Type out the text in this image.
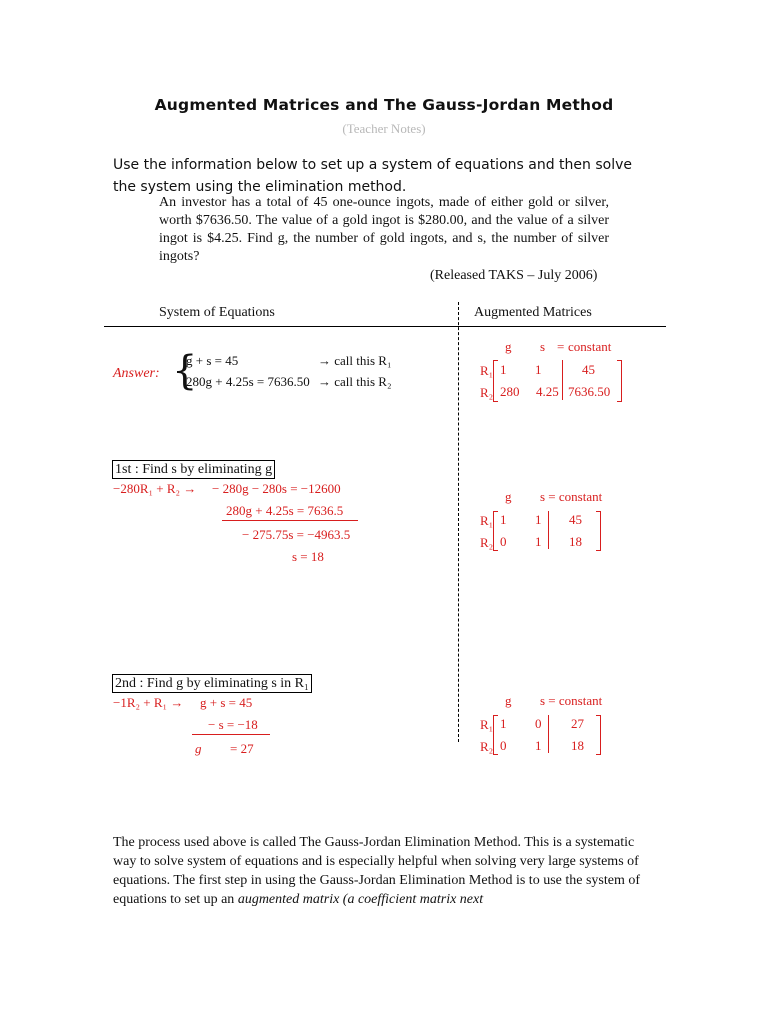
Augmented Matrices and The Gauss-Jordan Method
(Teacher Notes)
Use the information below to set up a system of equations and then solve the system using the elimination method.
An investor has a total of 45 one-ounce ingots, made of either gold or silver, worth $7636.50. The value of a gold ingot is $280.00, and the value of a silver ingot is $4.25. Find g, the number of gold ingots, and s, the number of silver ingots?
(Released TAKS – July 2006)
System of Equations	Augmented Matrices
Answer: {
g + s = 45	→ call this R₁
280g + 4.25s = 7636.50 → call this R₂
g s = constant
R₁
R₂
1 1	45
280 4.25 7636.50
1st : Find s by eliminating g
−280R₁ + R₂ → − 280g − 280s = −12600
280g + 4.25s = 7636.5
− 275.75s = −4963.5
s = 18
g s = constant
R₁
R₂
1 1 45
0 1 18
2nd : Find g by eliminating s in R₁
−1R₂ + R₁ → g + s = 45
− s = −18
g = 27
g s = constant
R₁
R₂
1 0 27
0 1 18
The process used above is called The Gauss-Jordan Elimination Method. This is a systematic way to solve system of equations and is especially helpful when solving very large systems of equations. The first step in using the Gauss-Jordan Elimination Method is to use the system of equations to set up an augmented matrix (a coefficient matrix next
